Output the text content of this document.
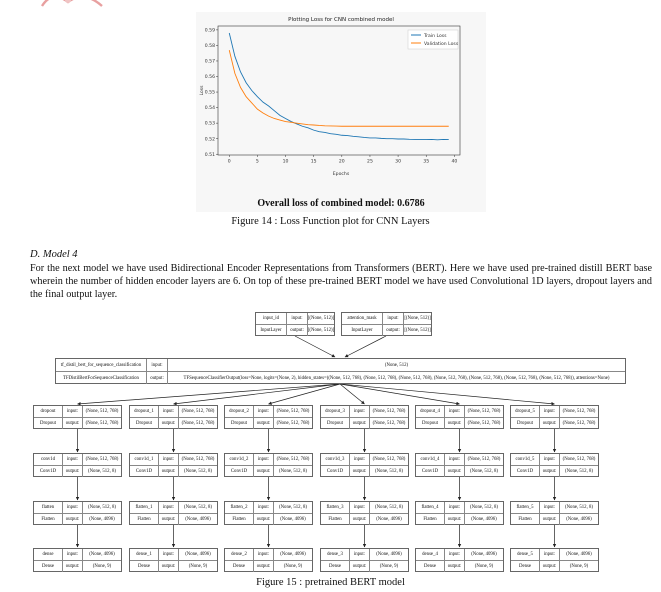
Plotting Loss for CNN combined model
Loss
Epochs
0	5	10	15	20	25	30	35	40
0.51
0.52
0.53
0.54
0.55
0.56
0.57
0.58
0.59
Train Loss
Validation Loss
Overall loss of combined model: 0.6786
Figure 14 : Loss Function plot for CNN Layers
D. Model 4
For the next model we have used Bidirectional Encoder Representations from Transformers (BERT). Here we have used pre-trained distill BERT base wherein the number of hidden encoder layers are 6. On top of these pre-trained BERT model we have used Convolutional 1D layers, dropout layers and the final output layer.
input_id	input:	[(None, 512)]
InputLayer	output: [(None, 512)]
attention_mask	input:	[(None, 512)]
InputLayer	output: [(None, 512)]
tf_distil_bert_for_sequence_classification	input:	(None, 512)
TFDistilBertForSequenceClassification	output:	TFSequenceClassifierOutput(loss=None, logits=(None, 2), hidden_states=((None, 512, 768), (None, 512, 768), (None, 512, 768), (None, 512, 768), (None, 512, 768), (None, 512, 768), (None, 512, 768)), attentions=None)
dropout	input:	(None, 512, 768)
Dropout	output:	(None, 512, 768)
conv1d	input:	(None, 512, 768)
Conv1D	output:	(None, 512, 8)
flatten	input:	(None, 512, 8)
Flatten	output:	(None, 4096)
dense	input:	(None, 4096)
Dense	output:	(None, 9)
dropout_1	input:	(None, 512, 768)
Dropout	output:	(None, 512, 768)
conv1d_1	input:	(None, 512, 768)
Conv1D	output:	(None, 512, 8)
flatten_1	input:	(None, 512, 8)
Flatten	output:	(None, 4096)
dense_1	input:	(None, 4096)
Dense	output:	(None, 9)
dropout_2	input:	(None, 512, 768)
Dropout	output:	(None, 512, 768)
conv1d_2	input:	(None, 512, 768)
Conv1D	output:	(None, 512, 8)
flatten_2	input:	(None, 512, 8)
Flatten	output:	(None, 4096)
dense_2	input:	(None, 4096)
Dense	output:	(None, 9)
dropout_3	input:	(None, 512, 768)
Dropout	output:	(None, 512, 768)
conv1d_3	input:	(None, 512, 768)
Conv1D	output:	(None, 512, 8)
flatten_3	input:	(None, 512, 8)
Flatten	output:	(None, 4096)
dense_3	input:	(None, 4096)
Dense	output:	(None, 9)
dropout_4	input:	(None, 512, 768)
Dropout	output:	(None, 512, 768)
conv1d_4	input:	(None, 512, 768)
Conv1D	output:	(None, 512, 8)
flatten_4	input:	(None, 512, 8)
Flatten	output:	(None, 4096)
dense_4	input:	(None, 4096)
Dense	output:	(None, 9)
dropout_5	input:	(None, 512, 768)
Dropout	output:	(None, 512, 768)
conv1d_5	input:	(None, 512, 768)
Conv1D	output:	(None, 512, 8)
flatten_5	input:	(None, 512, 8)
Flatten	output:	(None, 4096)
dense_5	input:	(None, 4096)
Dense	output:	(None, 9)
Figure 15 : pretrained BERT model
